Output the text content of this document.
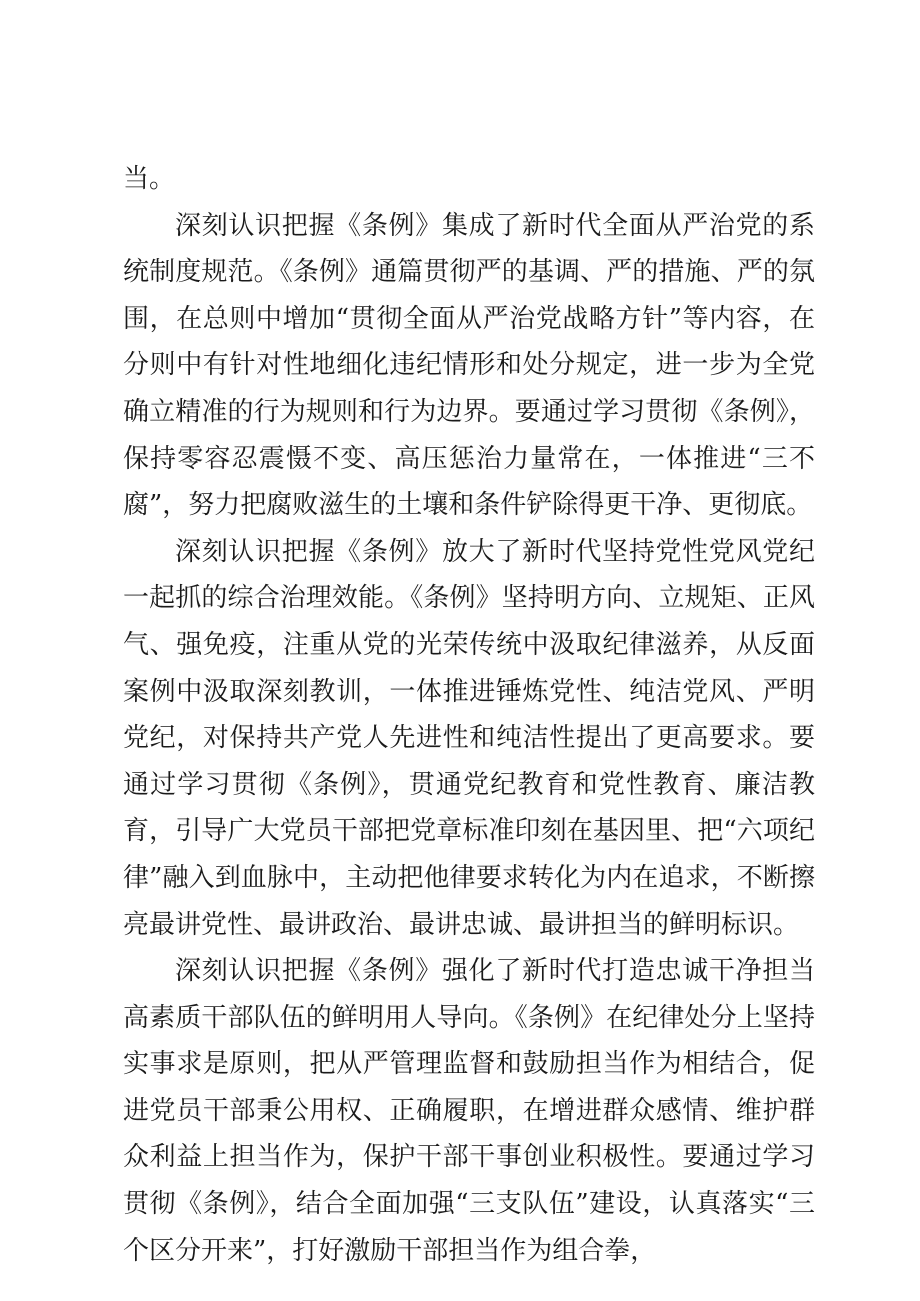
当。

深刻认识把握《条例》集成了新时代全面从严治党的系统制度规范。《条例》通篇贯彻严的基调、严的措施、严的氛围，在总则中增加“贯彻全面从严治党战略方针”等内容，在分则中有针对性地细化违纪情形和处分规定，进一步为全党确立精准的行为规则和行为边界。要通过学习贯彻《条例》，保持零容忍震慑不变、高压惩治力量常在，一体推进“三不腐”，努力把腐败滋生的土壤和条件铲除得更干净、更彻底。

深刻认识把握《条例》放大了新时代坚持党性党风党纪一起抓的综合治理效能。《条例》坚持明方向、立规矩、正风气、强免疫，注重从党的光荣传统中汲取纪律滋养，从反面案例中汲取深刻教训，一体推进锤炼党性、纯洁党风、严明党纪，对保持共产党人先进性和纯洁性提出了更高要求。要通过学习贯彻《条例》，贯通党纪教育和党性教育、廉洁教育，引导广大党员干部把党章标准印刻在基因里、把“六项纪律”融入到血脉中，主动把他律要求转化为内在追求，不断擦亮最讲党性、最讲政治、最讲忠诚、最讲担当的鲜明标识。

深刻认识把握《条例》强化了新时代打造忠诚干净担当高素质干部队伍的鲜明用人导向。《条例》在纪律处分上坚持实事求是原则，把从严管理监督和鼓励担当作为相结合，促进党员干部秉公用权、正确履职，在增进群众感情、维护群众利益上担当作为，保护干部干事创业积极性。要通过学习贯彻《条例》，结合全面加强“三支队伍”建设，认真落实“三个区分开来”，打好激励干部担当作为组合拳，
